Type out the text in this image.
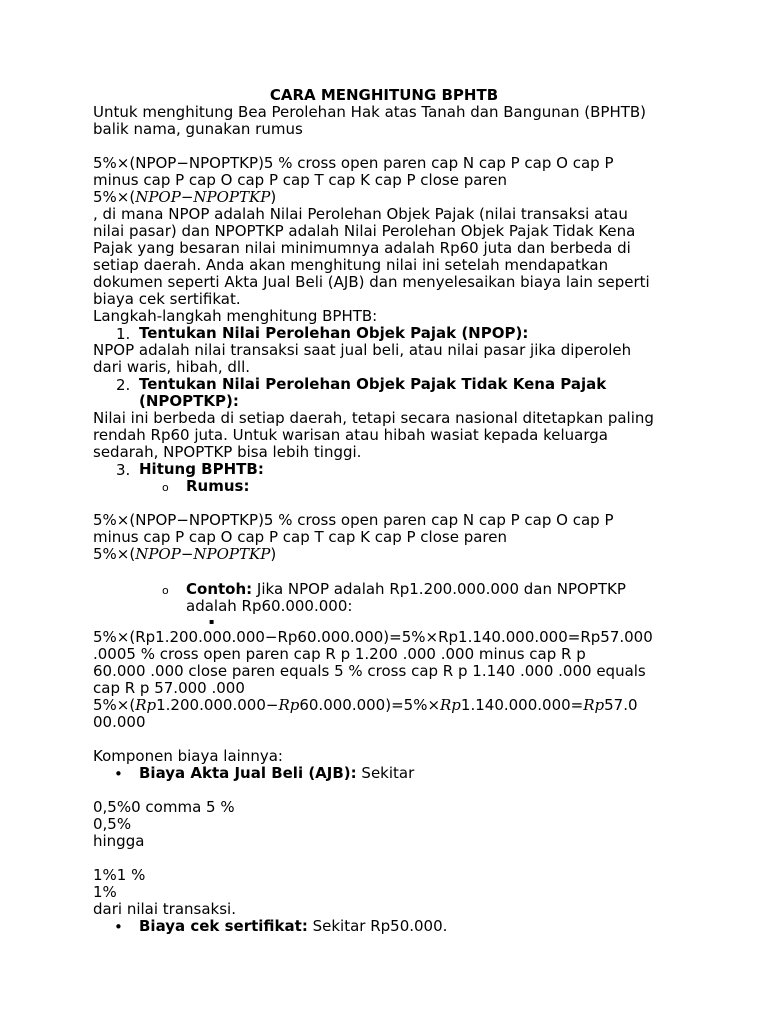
CARA MENGHITUNG BPHTB
Untuk menghitung Bea Perolehan Hak atas Tanah dan Bangunan (BPHTB)
balik nama, gunakan rumus
5%×(NPOP−NPOPTKP)5 % cross open paren cap N cap P cap O cap P
minus cap P cap O cap P cap T cap K cap P close paren
5%×(NPOP−NPOPTKP)
, di mana NPOP adalah Nilai Perolehan Objek Pajak (nilai transaksi atau
nilai pasar) dan NPOPTKP adalah Nilai Perolehan Objek Pajak Tidak Kena
Pajak yang besaran nilai minimumnya adalah Rp60 juta dan berbeda di
setiap daerah. Anda akan menghitung nilai ini setelah mendapatkan
dokumen seperti Akta Jual Beli (AJB) dan menyelesaikan biaya lain seperti
biaya cek sertifikat.
Langkah-langkah menghitung BPHTB:
1. Tentukan Nilai Perolehan Objek Pajak (NPOP):
NPOP adalah nilai transaksi saat jual beli, atau nilai pasar jika diperoleh
dari waris, hibah, dll.
2. Tentukan Nilai Perolehan Objek Pajak Tidak Kena Pajak
(NPOPTKP):
Nilai ini berbeda di setiap daerah, tetapi secara nasional ditetapkan paling
rendah Rp60 juta. Untuk warisan atau hibah wasiat kepada keluarga
sedarah, NPOPTKP bisa lebih tinggi.
3. Hitung BPHTB:
o Rumus:
5%×(NPOP−NPOPTKP)5 % cross open paren cap N cap P cap O cap P
minus cap P cap O cap P cap T cap K cap P close paren
5%×(NPOP−NPOPTKP)
o Contoh: Jika NPOP adalah Rp1.200.000.000 dan NPOPTKP
adalah Rp60.000.000:
▪
5%×(Rp1.200.000.000−Rp60.000.000)=5%×Rp1.140.000.000=Rp57.000
.0005 % cross open paren cap R p 1.200 .000 .000 minus cap R p
60.000 .000 close paren equals 5 % cross cap R p 1.140 .000 .000 equals
cap R p 57.000 .000
5%×(Rp1.200.000.000−Rp60.000.000)=5%×Rp1.140.000.000=Rp57.0
00.000
Komponen biaya lainnya:
• Biaya Akta Jual Beli (AJB): Sekitar
0,5%0 comma 5 %
0,5%
hingga
1%1 %
1%
dari nilai transaksi.
• Biaya cek sertifikat: Sekitar Rp50.000.
